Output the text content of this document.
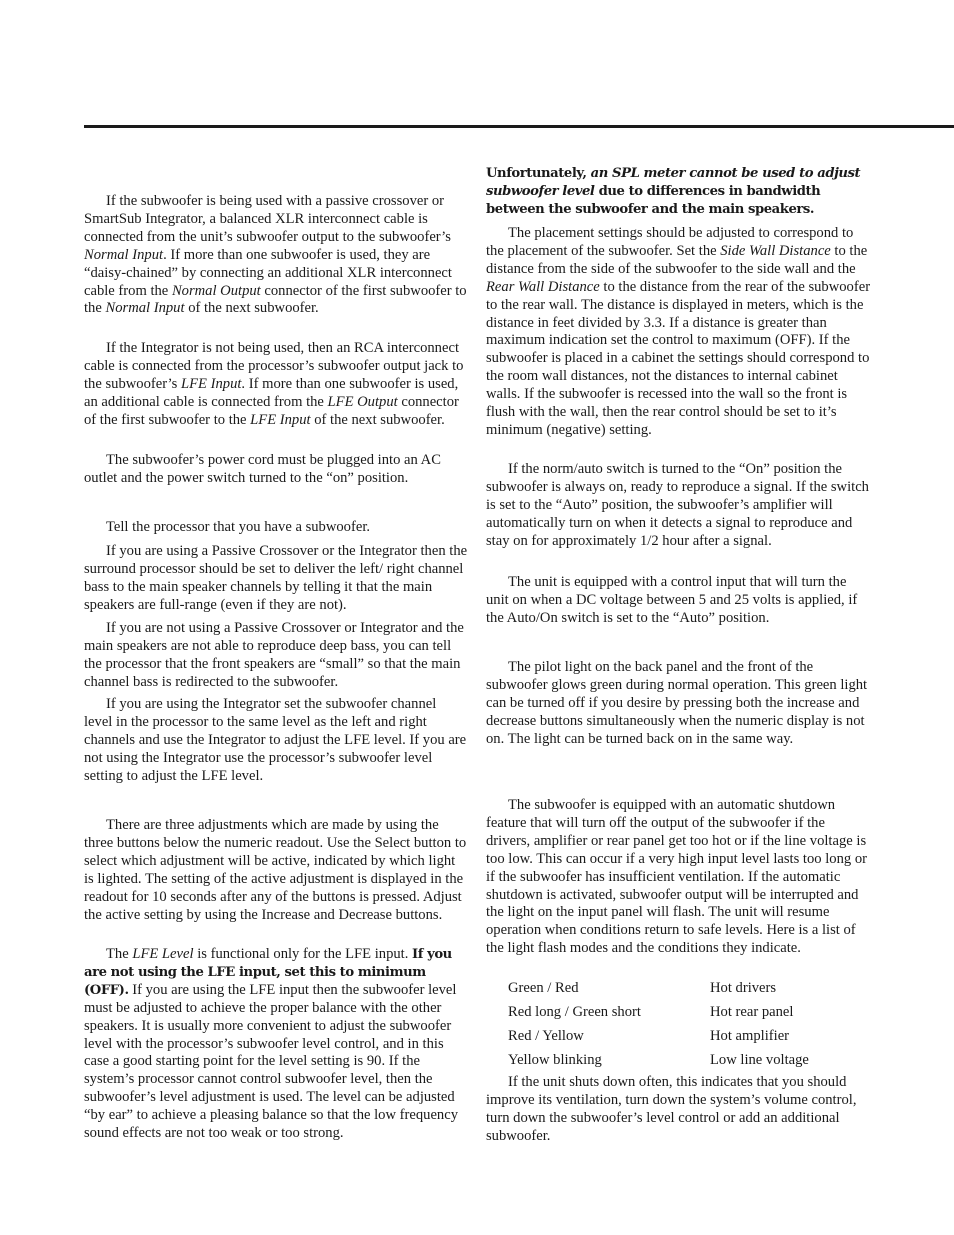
If the subwoofer is being used with a passive crossover or SmartSub Integrator, a balanced XLR interconnect cable is connected from the unit’s subwoofer output to the subwoofer’s Normal Input. If more than one subwoofer is used, they are “daisy-chained” by connecting an additional XLR interconnect cable from the Normal Output connector of the first subwoofer to the Normal Input of the next subwoofer.

If the Integrator is not being used, then an RCA interconnect cable is connected from the processor’s subwoofer output jack to the subwoofer’s LFE Input. If more than one subwoofer is used, an additional cable is connected from the LFE Output connector of the first subwoofer to the LFE Input of the next subwoofer.

The subwoofer’s power cord must be plugged into an AC outlet and the power switch turned to the “on” position.

Tell the processor that you have a subwoofer.

If you are using a Passive Crossover or the Integrator then the surround processor should be set to deliver the left/ right channel bass to the main speaker channels by telling it that the main speakers are full-range (even if they are not).

If you are not using a Passive Crossover or Integrator and the main speakers are not able to reproduce deep bass, you can tell the processor that the front speakers are “small” so that the main channel bass is redirected to the subwoofer.

If you are using the Integrator set the subwoofer channel level in the processor to the same level as the left and right channels and use the Integrator to adjust the LFE level. If you are not using the Integrator use the processor’s subwoofer level setting to adjust the LFE level.

There are three adjustments which are made by using the three buttons below the numeric readout. Use the Select button to select which adjustment will be active, indicated by which light is lighted. The setting of the active adjustment is displayed in the readout for 10 seconds after any of the buttons is pressed. Adjust the active setting by using the Increase and Decrease buttons.

The LFE Level is functional only for the LFE input. If you are not using the LFE input, set this to minimum (OFF). If you are using the LFE input then the subwoofer level must be adjusted to achieve the proper balance with the other speakers. It is usually more convenient to adjust the subwoofer level with the processor’s subwoofer level control, and in this case a good starting point for the level setting is 90. If the system’s processor cannot control subwoofer level, then the subwoofer’s level adjustment is used. The level can be adjusted “by ear” to achieve a pleasing balance so that the low frequency sound effects are not too weak or too strong.

Unfortunately, an SPL meter cannot be used to adjust subwoofer level due to differences in bandwidth between the subwoofer and the main speakers.

The placement settings should be adjusted to correspond to the placement of the subwoofer. Set the Side Wall Distance to the distance from the side of the subwoofer to the side wall and the Rear Wall Distance to the distance from the rear of the subwoofer to the rear wall. The distance is displayed in meters, which is the distance in feet divided by 3.3. If a distance is greater than maximum indication set the control to maximum (OFF). If the subwoofer is placed in a cabinet the settings should correspond to the room wall distances, not the distances to internal cabinet walls. If the subwoofer is recessed into the wall so the front is flush with the wall, then the rear control should be set to it’s minimum (negative) setting.

If the norm/auto switch is turned to the “On” position the subwoofer is always on, ready to reproduce a signal. If the switch is set to the “Auto” position, the subwoofer’s amplifier will automatically turn on when it detects a signal to reproduce and stay on for approximately 1/2 hour after a signal.

The unit is equipped with a control input that will turn the unit on when a DC voltage between 5 and 25 volts is applied, if the Auto/On switch is set to the “Auto” position.

The pilot light on the back panel and the front of the subwoofer glows green during normal operation. This green light can be turned off if you desire by pressing both the increase and decrease buttons simultaneously when the numeric display is not on. The light can be turned back on in the same way.

The subwoofer is equipped with an automatic shutdown feature that will turn off the output of the subwoofer if the drivers, amplifier or rear panel get too hot or if the line voltage is too low. This can occur if a very high input level lasts too long or if the subwoofer has insufficient ventilation. If the automatic shutdown is activated, subwoofer output will be interrupted and the light on the input panel will flash. The unit will resume operation when conditions return to safe levels. Here is a list of the light flash modes and the conditions they indicate.

Green / Red	Hot drivers
Red long / Green short	Hot rear panel
Red / Yellow	Hot amplifier
Yellow blinking	Low line voltage

If the unit shuts down often, this indicates that you should improve its ventilation, turn down the system’s volume control, turn down the subwoofer’s level control or add an additional subwoofer.
